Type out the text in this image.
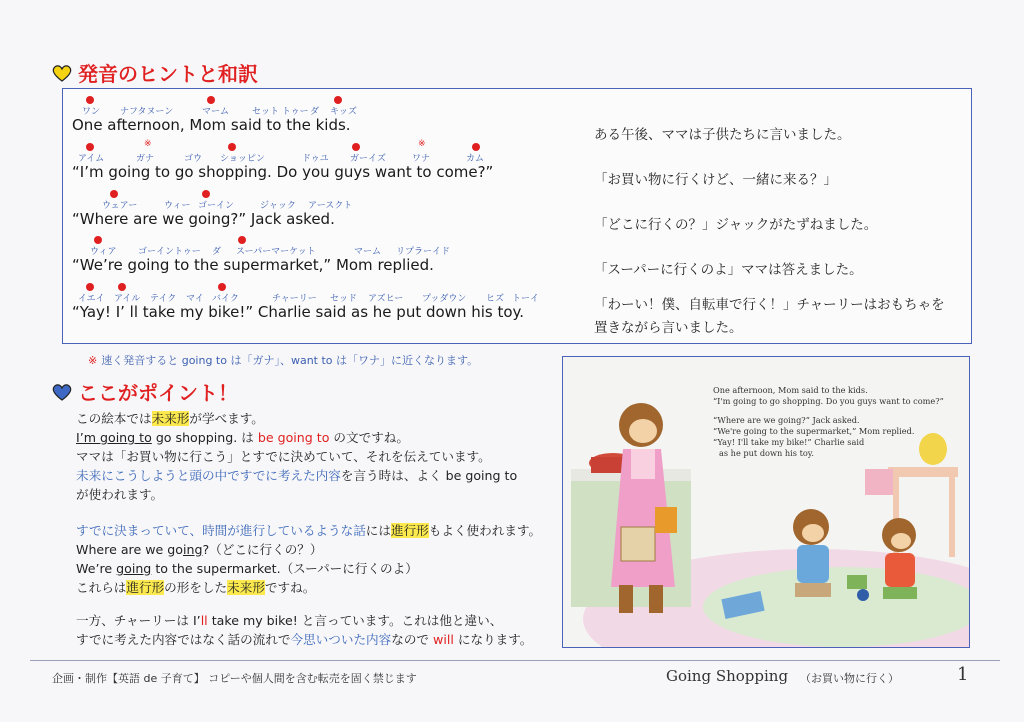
発音のヒントと和訳
ワン ナフタヌーン	マーム	セット トゥー ダ キッズ
One afternoon, Mom said to the kids.
ある午後、ママは子供たちに言いました。
※	※
アイム	ガナ	ゴウ ショッピン	ドゥユ ガーイズ	ワナ	カム
“I’m going to go shopping. Do you guys want to come?”	「お買い物に行くけど、一緒に来る？」
ウェアー	ウィー ゴーイン	ジャック アースクト
“Where are we going?” Jack asked.	「どこに行くの？」ジャックがたずねました。
ウィア ゴーイントゥー ダ スーパーマーケット	マーム リプラーイド
“We’re going to the supermarket,” Mom replied.	「スーパーに行くのよ」ママは答えました。
イエイ アイル テイク マイ バイク	チャーリー セッド アズヒー プッダウン ヒズ トーイ
“Yay! I’ ll take my bike!” Charlie said as he put down his toy.	「わーい！僕、自転車で行く！」チャーリーはおもちゃを
置きながら言いました。
※ 速く発音すると going to は「ガナ」、want to は「ワナ」に近くなります。
ここがポイント！
この絵本では未来形が学べます。
I’m going to go shopping. は be going to の文ですね。
ママは「お買い物に行こう」とすでに決めていて、それを伝えています。
未来にこうしようと頭の中ですでに考えた内容を言う時は、よく be going to
が使われます。
すでに決まっていて、時間が進行しているような話には進行形もよく使われます。
Where are we going?（どこに行くの？）
We’re going to the supermarket.（スーパーに行くのよ）
これらは進行形の形をした未来形ですね。
一方、チャーリーは I’ll take my bike! と言っています。これは他と違い、
すでに考えた内容ではなく話の流れで今思いついた内容なので will になります。
One afternoon, Mom said to the kids.
“I'm going to go shopping. Do you guys want to come?”
“Where are we going?” Jack asked.
“We're going to the supermarket,” Mom replied.
“Yay! I'll take my bike!” Charlie said
as he put down his toy.
企画・制作【英語 de 子育て】 コピーや個人間を含む転売を固く禁じます	Going Shopping （お買い物に行く）	1
